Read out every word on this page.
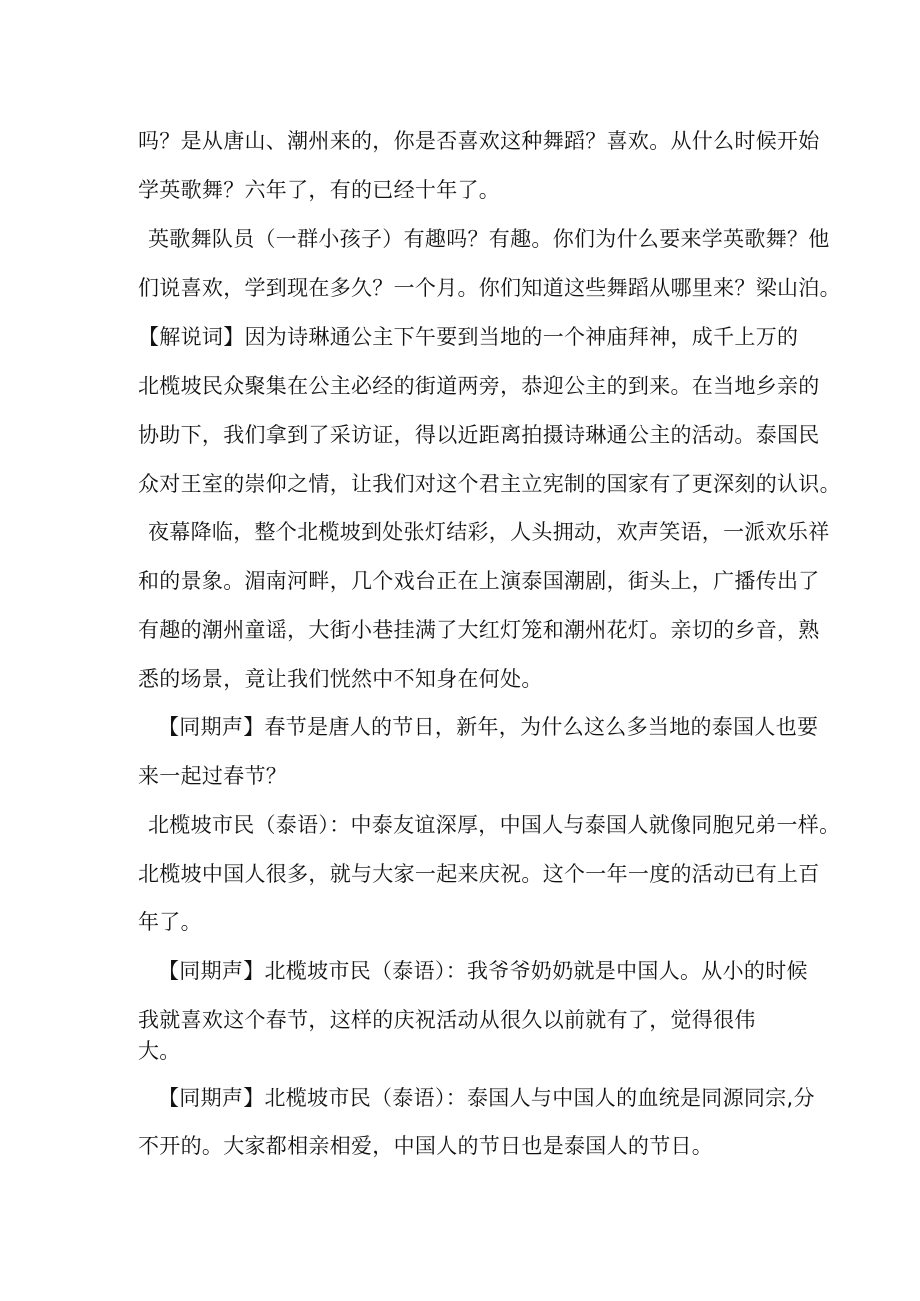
吗？是从唐山、潮州来的，你是否喜欢这种舞蹈？喜欢。从什么时候开始
学英歌舞？六年了，有的已经十年了。
英歌舞队员（一群小孩子）有趣吗？有趣。你们为什么要来学英歌舞？他
们说喜欢，学到现在多久？一个月。你们知道这些舞蹈从哪里来？梁山泊。
【解说词】因为诗琳通公主下午要到当地的一个神庙拜神，成千上万的
北榄坡民众聚集在公主必经的街道两旁，恭迎公主的到来。在当地乡亲的
协助下，我们拿到了采访证，得以近距离拍摄诗琳通公主的活动。泰国民
众对王室的崇仰之情，让我们对这个君主立宪制的国家有了更深刻的认识。
夜幕降临，整个北榄坡到处张灯结彩，人头拥动，欢声笑语，一派欢乐祥
和的景象。湄南河畔，几个戏台正在上演泰国潮剧，街头上，广播传出了
有趣的潮州童谣，大街小巷挂满了大红灯笼和潮州花灯。亲切的乡音，熟
悉的场景，竟让我们恍然中不知身在何处。
【同期声】春节是唐人的节日，新年，为什么这么多当地的泰国人也要
来一起过春节？
北榄坡市民（泰语）：中泰友谊深厚，中国人与泰国人就像同胞兄弟一样。
北榄坡中国人很多，就与大家一起来庆祝。这个一年一度的活动已有上百
年了。
【同期声】北榄坡市民（泰语）：我爷爷奶奶就是中国人。从小的时候
我就喜欢这个春节，这样的庆祝活动从很久以前就有了，觉得很伟
大。
【同期声】北榄坡市民（泰语）：泰国人与中国人的血统是同源同宗,分
不开的。大家都相亲相爱，中国人的节日也是泰国人的节日。
